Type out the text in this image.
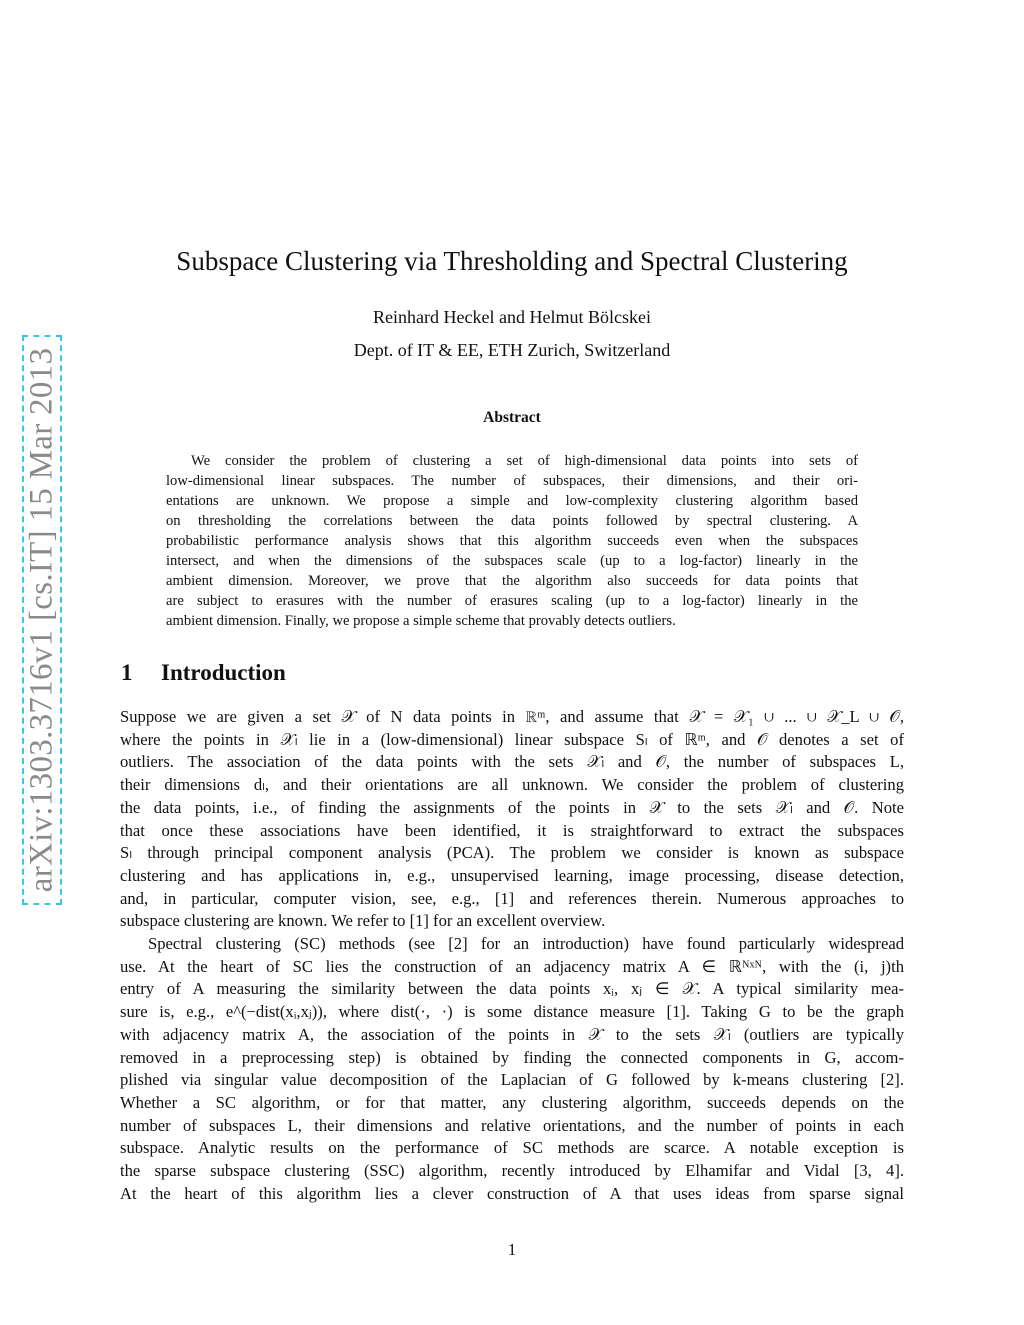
arXiv:1303.3716v1 [cs.IT] 15 Mar 2013
Subspace Clustering via Thresholding and Spectral Clustering
Reinhard Heckel and Helmut Bölcskei
Dept. of IT & EE, ETH Zurich, Switzerland
Abstract
We consider the problem of clustering a set of high-dimensional data points into sets of
low-dimensional linear subspaces. The number of subspaces, their dimensions, and their ori-
entations are unknown. We propose a simple and low-complexity clustering algorithm based
on thresholding the correlations between the data points followed by spectral clustering. A
probabilistic performance analysis shows that this algorithm succeeds even when the subspaces
intersect, and when the dimensions of the subspaces scale (up to a log-factor) linearly in the
ambient dimension. Moreover, we prove that the algorithm also succeeds for data points that
are subject to erasures with the number of erasures scaling (up to a log-factor) linearly in the
ambient dimension. Finally, we propose a simple scheme that provably detects outliers.
1 Introduction
Suppose we are given a set 𝒳 of N data points in ℝᵐ, and assume that 𝒳 = 𝒳₁ ∪ ... ∪ 𝒳_L ∪ 𝒪,
where the points in 𝒳ₗ lie in a (low-dimensional) linear subspace Sₗ of ℝᵐ, and 𝒪 denotes a set of
outliers. The association of the data points with the sets 𝒳ₗ and 𝒪, the number of subspaces L,
their dimensions dₗ, and their orientations are all unknown. We consider the problem of clustering
the data points, i.e., of finding the assignments of the points in 𝒳 to the sets 𝒳ₗ and 𝒪. Note
that once these associations have been identified, it is straightforward to extract the subspaces
Sₗ through principal component analysis (PCA). The problem we consider is known as subspace
clustering and has applications in, e.g., unsupervised learning, image processing, disease detection,
and, in particular, computer vision, see, e.g., [1] and references therein. Numerous approaches to
subspace clustering are known. We refer to [1] for an excellent overview.
Spectral clustering (SC) methods (see [2] for an introduction) have found particularly widespread
use. At the heart of SC lies the construction of an adjacency matrix A ∈ ℝᴺˣᴺ, with the (i, j)th
entry of A measuring the similarity between the data points xᵢ, xⱼ ∈ 𝒳. A typical similarity mea-
sure is, e.g., e^(−dist(xᵢ,xⱼ)), where dist(·, ·) is some distance measure [1]. Taking G to be the graph
with adjacency matrix A, the association of the points in 𝒳 to the sets 𝒳ₗ (outliers are typically
removed in a preprocessing step) is obtained by finding the connected components in G, accom-
plished via singular value decomposition of the Laplacian of G followed by k-means clustering [2].
Whether a SC algorithm, or for that matter, any clustering algorithm, succeeds depends on the
number of subspaces L, their dimensions and relative orientations, and the number of points in each
subspace. Analytic results on the performance of SC methods are scarce. A notable exception is
the sparse subspace clustering (SSC) algorithm, recently introduced by Elhamifar and Vidal [3, 4].
At the heart of this algorithm lies a clever construction of A that uses ideas from sparse signal
1
